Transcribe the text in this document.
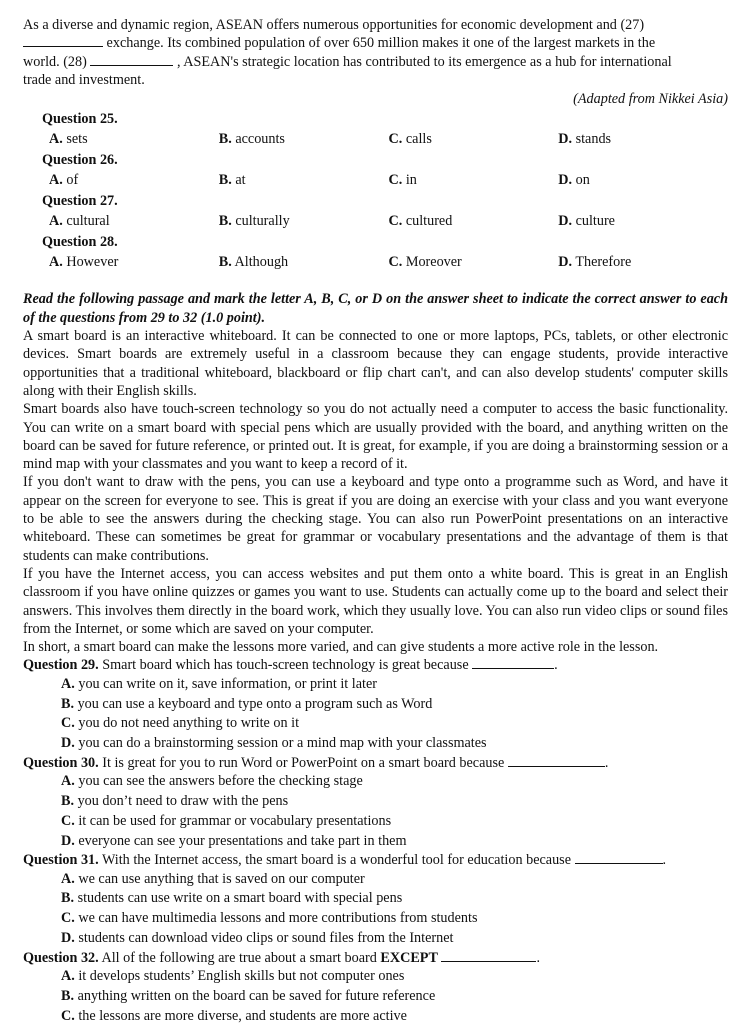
As a diverse and dynamic region, ASEAN offers numerous opportunities for economic development and (27)
exchange. Its combined population of over 650 million makes it one of the largest markets in the
world. (28)	, ASEAN's strategic location has contributed to its emergence as a hub for international
trade and investment.
(Adapted from Nikkei Asia)
Question 25.
A. sets	B. accounts	C. calls	D. stands
Question 26.
A. of	B. at	C. in	D. on
Question 27.
A. cultural	B. culturally	C. cultured	D. culture
Question 28.
A. However	B. Although	C. Moreover	D. Therefore
Read the following passage and mark the letter A, B, C, or D on the answer sheet to indicate the correct answer to each of the questions from 29 to 32 (1.0 point).
A smart board is an interactive whiteboard. It can be connected to one or more laptops, PCs, tablets, or other electronic devices. Smart boards are extremely useful in a classroom because they can engage students, provide interactive opportunities that a traditional whiteboard, blackboard or flip chart can't, and can also develop students' computer skills along with their English skills.
Smart boards also have touch-screen technology so you do not actually need a computer to access the basic functionality. You can write on a smart board with special pens which are usually provided with the board, and anything written on the board can be saved for future reference, or printed out. It is great, for example, if you are doing a brainstorming session or a mind map with your classmates and you want to keep a record of it.
If you don't want to draw with the pens, you can use a keyboard and type onto a programme such as Word, and have it appear on the screen for everyone to see. This is great if you are doing an exercise with your class and you want everyone to be able to see the answers during the checking stage. You can also run PowerPoint presentations on an interactive whiteboard. These can sometimes be great for grammar or vocabulary presentations and the advantage of them is that students can make contributions.
If you have the Internet access, you can access websites and put them onto a white board. This is great in an English classroom if you have online quizzes or games you want to use. Students can actually come up to the board and select their answers. This involves them directly in the board work, which they usually love. You can also run video clips or sound files from the Internet, or some which are saved on your computer.
In short, a smart board can make the lessons more varied, and can give students a more active role in the lesson.
Question 29. Smart board which has touch-screen technology is great because	.
A. you can write on it, save information, or print it later
B. you can use a keyboard and type onto a program such as Word
C. you do not need anything to write on it
D. you can do a brainstorming session or a mind map with your classmates
Question 30. It is great for you to run Word or PowerPoint on a smart board because	.
A. you can see the answers before the checking stage
B. you don’t need to draw with the pens
C. it can be used for grammar or vocabulary presentations
D. everyone can see your presentations and take part in them
Question 31. With the Internet access, the smart board is a wonderful tool for education because	.
A. we can use anything that is saved on our computer
B. students can use write on a smart board with special pens
C. we can have multimedia lessons and more contributions from students
D. students can download video clips or sound files from the Internet
Question 32. All of the following are true about a smart board EXCEPT	.
A. it develops students’ English skills but not computer ones
B. anything written on the board can be saved for future reference
C. the lessons are more diverse, and students are more active
